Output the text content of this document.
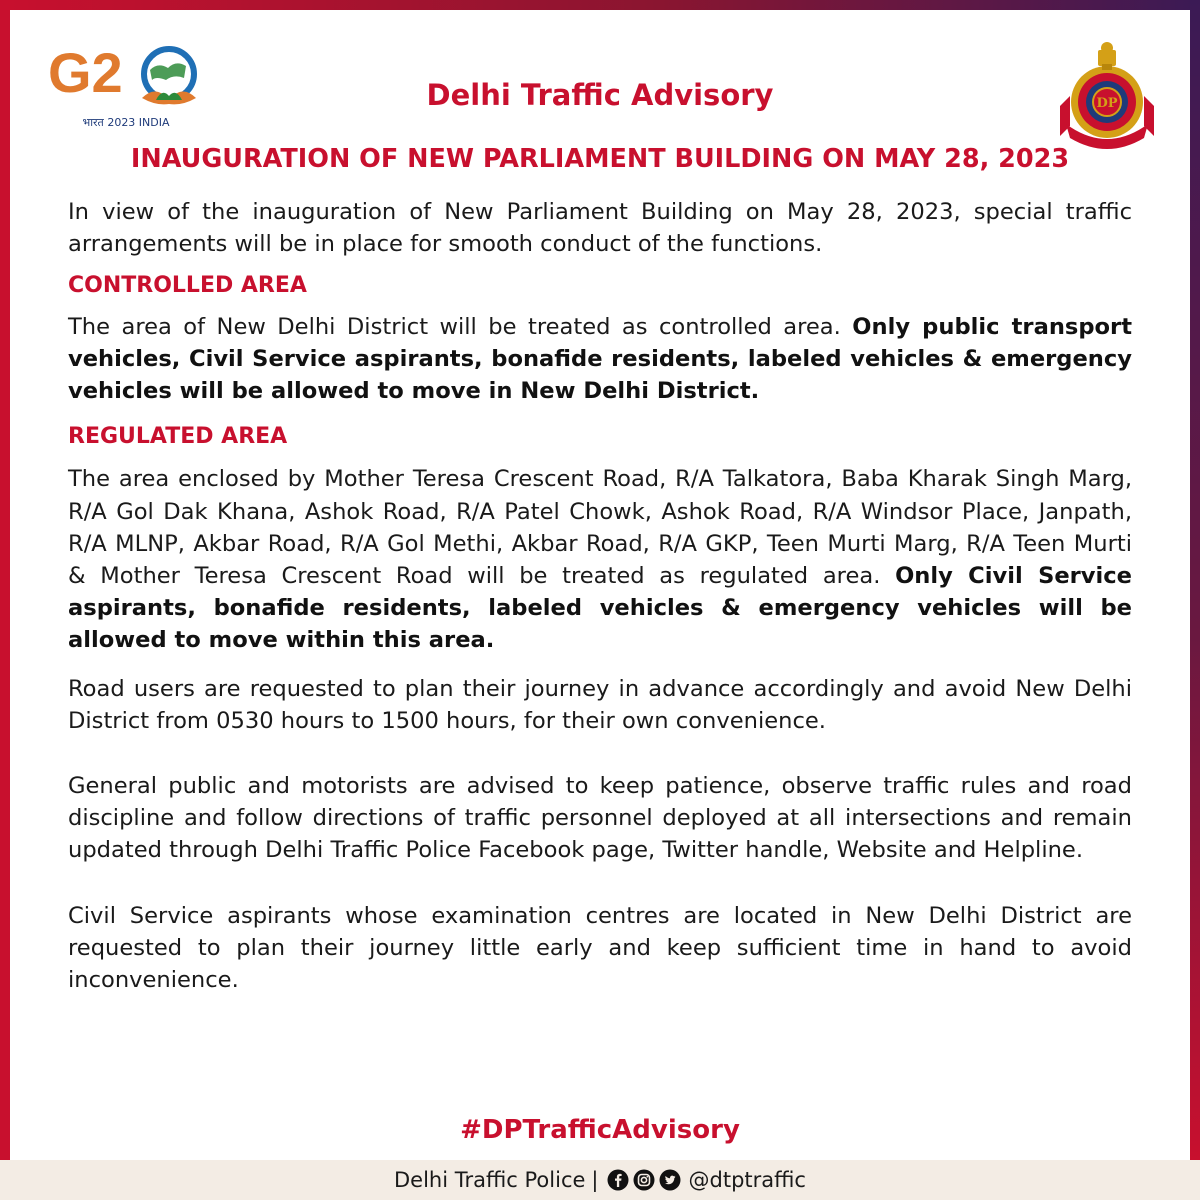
G2
भारत 2023 INDIA
DP
Delhi Traffic Advisory
INAUGURATION OF NEW PARLIAMENT BUILDING ON MAY 28, 2023

In view of the inauguration of New Parliament Building on May 28, 2023, special traffic arrangements will be in place for smooth conduct of the functions.

CONTROLLED AREA

The area of New Delhi District will be treated as controlled area. Only public transport vehicles, Civil Service aspirants, bonafide residents, labeled vehicles & emergency vehicles will be allowed to move in New Delhi District.

REGULATED AREA

The area enclosed by Mother Teresa Crescent Road, R/A Talkatora, Baba Kharak Singh Marg, R/A Gol Dak Khana, Ashok Road, R/A Patel Chowk, Ashok Road, R/A Windsor Place, Janpath, R/A MLNP, Akbar Road, R/A Gol Methi, Akbar Road, R/A GKP, Teen Murti Marg, R/A Teen Murti & Mother Teresa Crescent Road will be treated as regulated area. Only Civil Service aspirants, bonafide residents, labeled vehicles & emergency vehicles will be allowed to move within this area.

Road users are requested to plan their journey in advance accordingly and avoid New Delhi District from 0530 hours to 1500 hours, for their own convenience.

General public and motorists are advised to keep patience, observe traffic rules and road discipline and follow directions of traffic personnel deployed at all intersections and remain updated through Delhi Traffic Police Facebook page, Twitter handle, Website and Helpline.

Civil Service aspirants whose examination centres are located in New Delhi District are requested to plan their journey little early and keep sufficient time in hand to avoid inconvenience.

#DPTrafficAdvisory
Delhi Traffic Police |	@dtptraffic
